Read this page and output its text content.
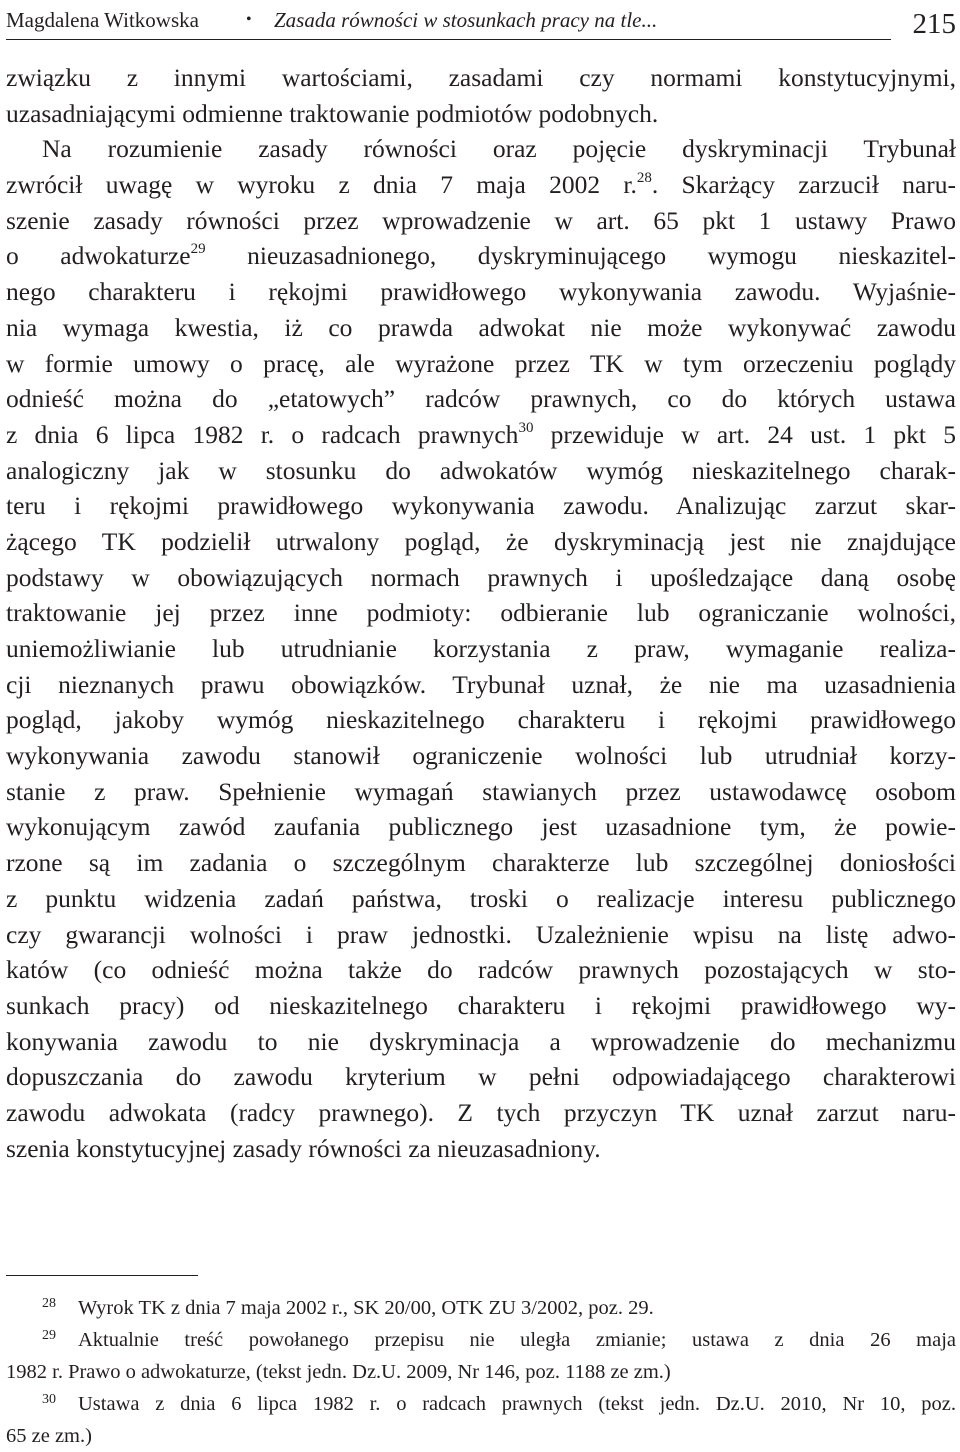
Magdalena Witkowska	• Zasada równości w stosunkach pracy na tle...	215
związku z innymi wartościami, zasadami czy normami konstytucyjnymi,
uzasadniającymi odmienne traktowanie podmiotów podobnych.
Na rozumienie zasady równości oraz pojęcie dyskryminacji Trybunał
zwrócił uwagę w wyroku z dnia 7 maja 2002 r.$^{28}$. Skarżący zarzucił naru-
szenie zasady równości przez wprowadzenie w art. 65 pkt 1 ustawy Prawo
o adwokaturze$^{29}$ nieuzasadnionego, dyskryminującego wymogu nieskazitel-
nego charakteru i rękojmi prawidłowego wykonywania zawodu. Wyjaśnie-
nia wymaga kwestia, iż co prawda adwokat nie może wykonywać zawodu
w formie umowy o pracę, ale wyrażone przez TK w tym orzeczeniu poglądy
odnieść można do „etatowych” radców prawnych, co do których ustawa
z dnia 6 lipca 1982 r. o radcach prawnych$^{30}$ przewiduje w art. 24 ust. 1 pkt 5
analogiczny jak w stosunku do adwokatów wymóg nieskazitelnego charak-
teru i rękojmi prawidłowego wykonywania zawodu. Analizując zarzut skar-
żącego TK podzielił utrwalony pogląd, że dyskryminacją jest nie znajdujące
podstawy w obowiązujących normach prawnych i upośledzające daną osobę
traktowanie jej przez inne podmioty: odbieranie lub ograniczanie wolności,
uniemożliwianie lub utrudnianie korzystania z praw, wymaganie realiza-
cji nieznanych prawu obowiązków. Trybunał uznał, że nie ma uzasadnienia
pogląd, jakoby wymóg nieskazitelnego charakteru i rękojmi prawidłowego
wykonywania zawodu stanowił ograniczenie wolności lub utrudniał korzy-
stanie z praw. Spełnienie wymagań stawianych przez ustawodawcę osobom
wykonującym zawód zaufania publicznego jest uzasadnione tym, że powie-
rzone są im zadania o szczególnym charakterze lub szczególnej doniosłości
z punktu widzenia zadań państwa, troski o realizacje interesu publicznego
czy gwarancji wolności i praw jednostki. Uzależnienie wpisu na listę adwo-
katów (co odnieść można także do radców prawnych pozostających w sto-
sunkach pracy) od nieskazitelnego charakteru i rękojmi prawidłowego wy-
konywania zawodu to nie dyskryminacja a wprowadzenie do mechanizmu
dopuszczania do zawodu kryterium w pełni odpowiadającego charakterowi
zawodu adwokata (radcy prawnego). Z tych przyczyn TK uznał zarzut naru-
szenia konstytucyjnej zasady równości za nieuzasadniony.
28 Wyrok TK z dnia 7 maja 2002 r., SK 20/00, OTK ZU 3/2002, poz. 29.
29 Aktualnie treść powołanego przepisu nie uległa zmianie; ustawa z dnia 26 maja
1982 r. Prawo o adwokaturze, (tekst jedn. Dz.U. 2009, Nr 146, poz. 1188 ze zm.)
30 Ustawa z dnia 6 lipca 1982 r. o radcach prawnych (tekst jedn. Dz.U. 2010, Nr 10, poz.
65 ze zm.)
